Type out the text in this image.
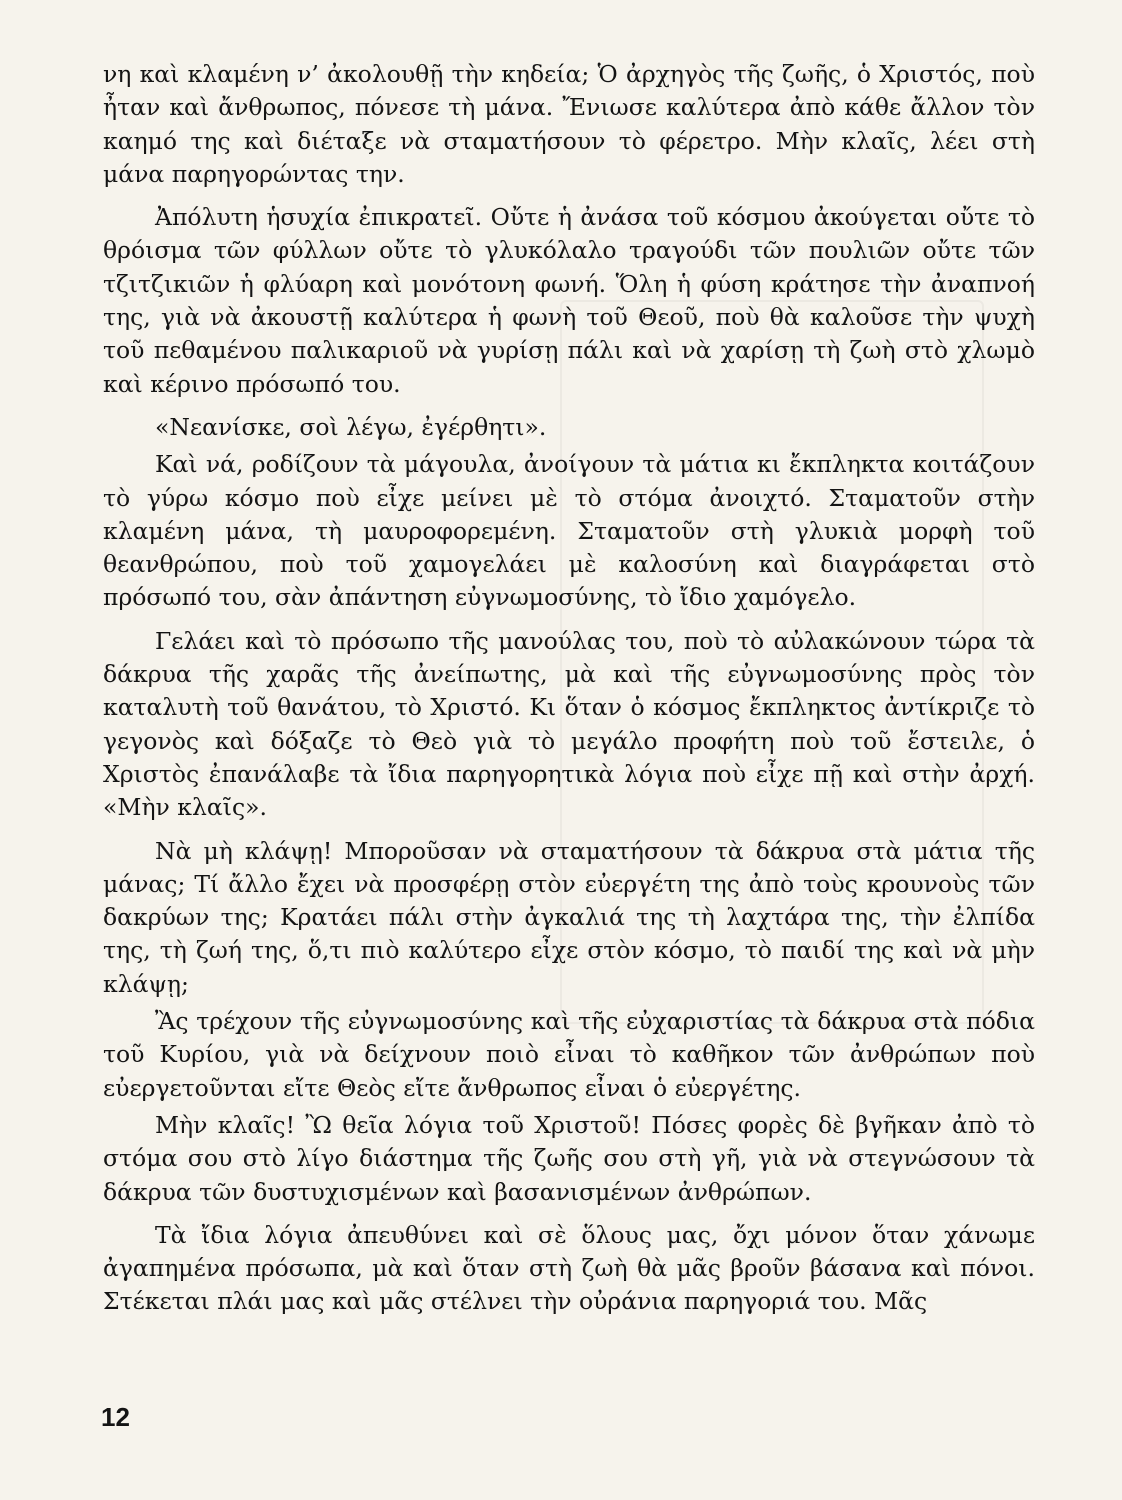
νη καὶ κλαμένη ν’ ἀκολουθῇ τὴν κηδεία; Ὁ ἀρχηγὸς τῆς ζωῆς, ὁ Χριστός, ποὺ ἦταν καὶ ἄνθρωπος, πόνεσε τὴ μάνα. Ἔνιωσε καλύτερα ἀπὸ κάθε ἄλλον τὸν καημό της καὶ διέταξε νὰ σταματήσουν τὸ φέρετρο. Μὴν κλαῖς, λέει στὴ μάνα παρηγορώντας την.

Ἀπόλυτη ἡσυχία ἐπικρατεῖ. Οὔτε ἡ ἀνάσα τοῦ κόσμου ἀκούγεται οὔτε τὸ θρόισμα τῶν φύλλων οὔτε τὸ γλυκόλαλο τραγούδι τῶν πουλιῶν οὔτε τῶν τζιτζικιῶν ἡ φλύαρη καὶ μονότονη φωνή. Ὅλη ἡ φύση κράτησε τὴν ἀναπνοή της, γιὰ νὰ ἀκουστῇ καλύτερα ἡ φωνὴ τοῦ Θεοῦ, ποὺ θὰ καλοῦσε τὴν ψυχὴ τοῦ πεθαμένου παλικαριοῦ νὰ γυρίσῃ πάλι καὶ νὰ χαρίσῃ τὴ ζωὴ στὸ χλωμὸ καὶ κέρινο πρόσωπό του.

«Νεανίσκε, σοὶ λέγω, ἐγέρθητι».

Καὶ νά, ροδίζουν τὰ μάγουλα, ἀνοίγουν τὰ μάτια κι ἔκπληκτα κοιτάζουν τὸ γύρω κόσμο ποὺ εἶχε μείνει μὲ τὸ στόμα ἀνοιχτό. Σταματοῦν στὴν κλαμένη μάνα, τὴ μαυροφορεμένη. Σταματοῦν στὴ γλυκιὰ μορφὴ τοῦ θεανθρώπου, ποὺ τοῦ χαμογελάει μὲ καλοσύνη καὶ διαγράφεται στὸ πρόσωπό του, σὰν ἀπάντηση εὐγνωμοσύνης, τὸ ἴδιο χαμόγελο.

Γελάει καὶ τὸ πρόσωπο τῆς μανούλας του, ποὺ τὸ αὐλακώνουν τώρα τὰ δάκρυα τῆς χαρᾶς τῆς ἀνείπωτης, μὰ καὶ τῆς εὐγνωμοσύνης πρὸς τὸν καταλυτὴ τοῦ θανάτου, τὸ Χριστό. Κι ὅταν ὁ κόσμος ἔκπληκτος ἀντίκριζε τὸ γεγονὸς καὶ δόξαζε τὸ Θεὸ γιὰ τὸ μεγάλο προφήτη ποὺ τοῦ ἔστειλε, ὁ Χριστὸς ἐπανάλαβε τὰ ἴδια παρηγορητικὰ λόγια ποὺ εἶχε πῇ καὶ στὴν ἀρχή. «Μὴν κλαῖς».

Νὰ μὴ κλάψῃ! Μποροῦσαν νὰ σταματήσουν τὰ δάκρυα στὰ μάτια τῆς μάνας; Τί ἄλλο ἔχει νὰ προσφέρῃ στὸν εὐεργέτη της ἀπὸ τοὺς κρουνοὺς τῶν δακρύων της; Κρατάει πάλι στὴν ἀγκαλιά της τὴ λαχτάρα της, τὴν ἐλπίδα της, τὴ ζωή της, ὅ,τι πιὸ καλύτερο εἶχε στὸν κόσμο, τὸ παιδί της καὶ νὰ μὴν κλάψῃ;

Ἂς τρέχουν τῆς εὐγνωμοσύνης καὶ τῆς εὐχαριστίας τὰ δάκρυα στὰ πόδια τοῦ Κυρίου, γιὰ νὰ δείχνουν ποιὸ εἶναι τὸ καθῆκον τῶν ἀνθρώπων ποὺ εὐεργετοῦνται εἴτε Θεὸς εἴτε ἄνθρωπος εἶναι ὁ εὐεργέτης.

Μὴν κλαῖς! Ὢ θεῖα λόγια τοῦ Χριστοῦ! Πόσες φορὲς δὲ βγῆκαν ἀπὸ τὸ στόμα σου στὸ λίγο διάστημα τῆς ζωῆς σου στὴ γῆ, γιὰ νὰ στεγνώσουν τὰ δάκρυα τῶν δυστυχισμένων καὶ βασανισμένων ἀνθρώπων.

Τὰ ἴδια λόγια ἀπευθύνει καὶ σὲ ὅλους μας, ὄχι μόνον ὅταν χάνωμε ἀγαπημένα πρόσωπα, μὰ καὶ ὅταν στὴ ζωὴ θὰ μᾶς βροῦν βάσανα καὶ πόνοι. Στέκεται πλάι μας καὶ μᾶς στέλνει τὴν οὐράνια παρηγοριά του. Μᾶς

12
